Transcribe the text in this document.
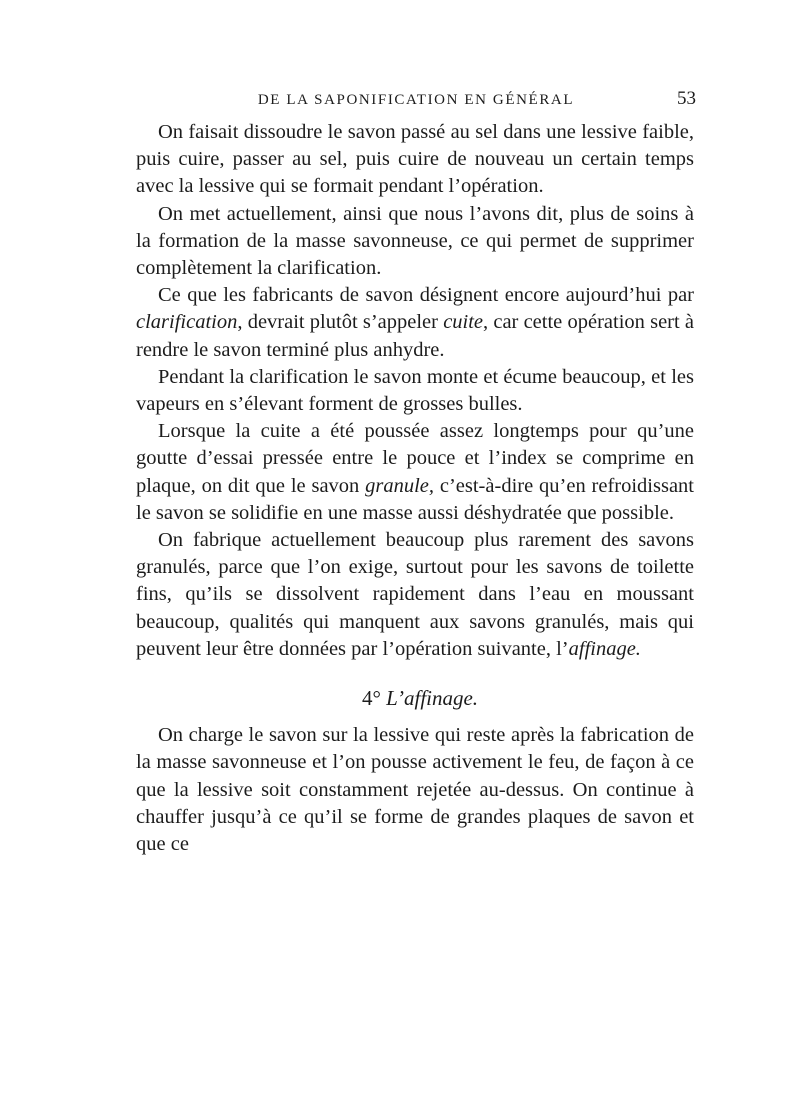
DE LA SAPONIFICATION EN GÉNÉRAL	53

On faisait dissoudre le savon passé au sel dans une lessive faible, puis cuire, passer au sel, puis cuire de nouveau un certain temps avec la lessive qui se formait pendant l’opération.

On met actuellement, ainsi que nous l’avons dit, plus de soins à la formation de la masse savonneuse, ce qui permet de supprimer complètement la clarification.

Ce que les fabricants de savon désignent encore aujourd’hui par clarification, devrait plutôt s’appeler cuite, car cette opération sert à rendre le savon terminé plus anhydre.

Pendant la clarification le savon monte et écume beaucoup, et les vapeurs en s’élevant forment de grosses bulles.

Lorsque la cuite a été poussée assez longtemps pour qu’une goutte d’essai pressée entre le pouce et l’index se comprime en plaque, on dit que le savon granule, c’est-à-dire qu’en refroidissant le savon se solidifie en une masse aussi déshydratée que possible.

On fabrique actuellement beaucoup plus rarement des savons granulés, parce que l’on exige, surtout pour les savons de toilette fins, qu’ils se dissolvent rapidement dans l’eau en moussant beaucoup, qualités qui manquent aux savons granulés, mais qui peuvent leur être données par l’opération suivante, l’affinage.

4° L’affinage.

On charge le savon sur la lessive qui reste après la fabrication de la masse savonneuse et l’on pousse activement le feu, de façon à ce que la lessive soit constamment rejetée au-dessus. On continue à chauffer jusqu’à ce qu’il se forme de grandes plaques de savon et que ce
